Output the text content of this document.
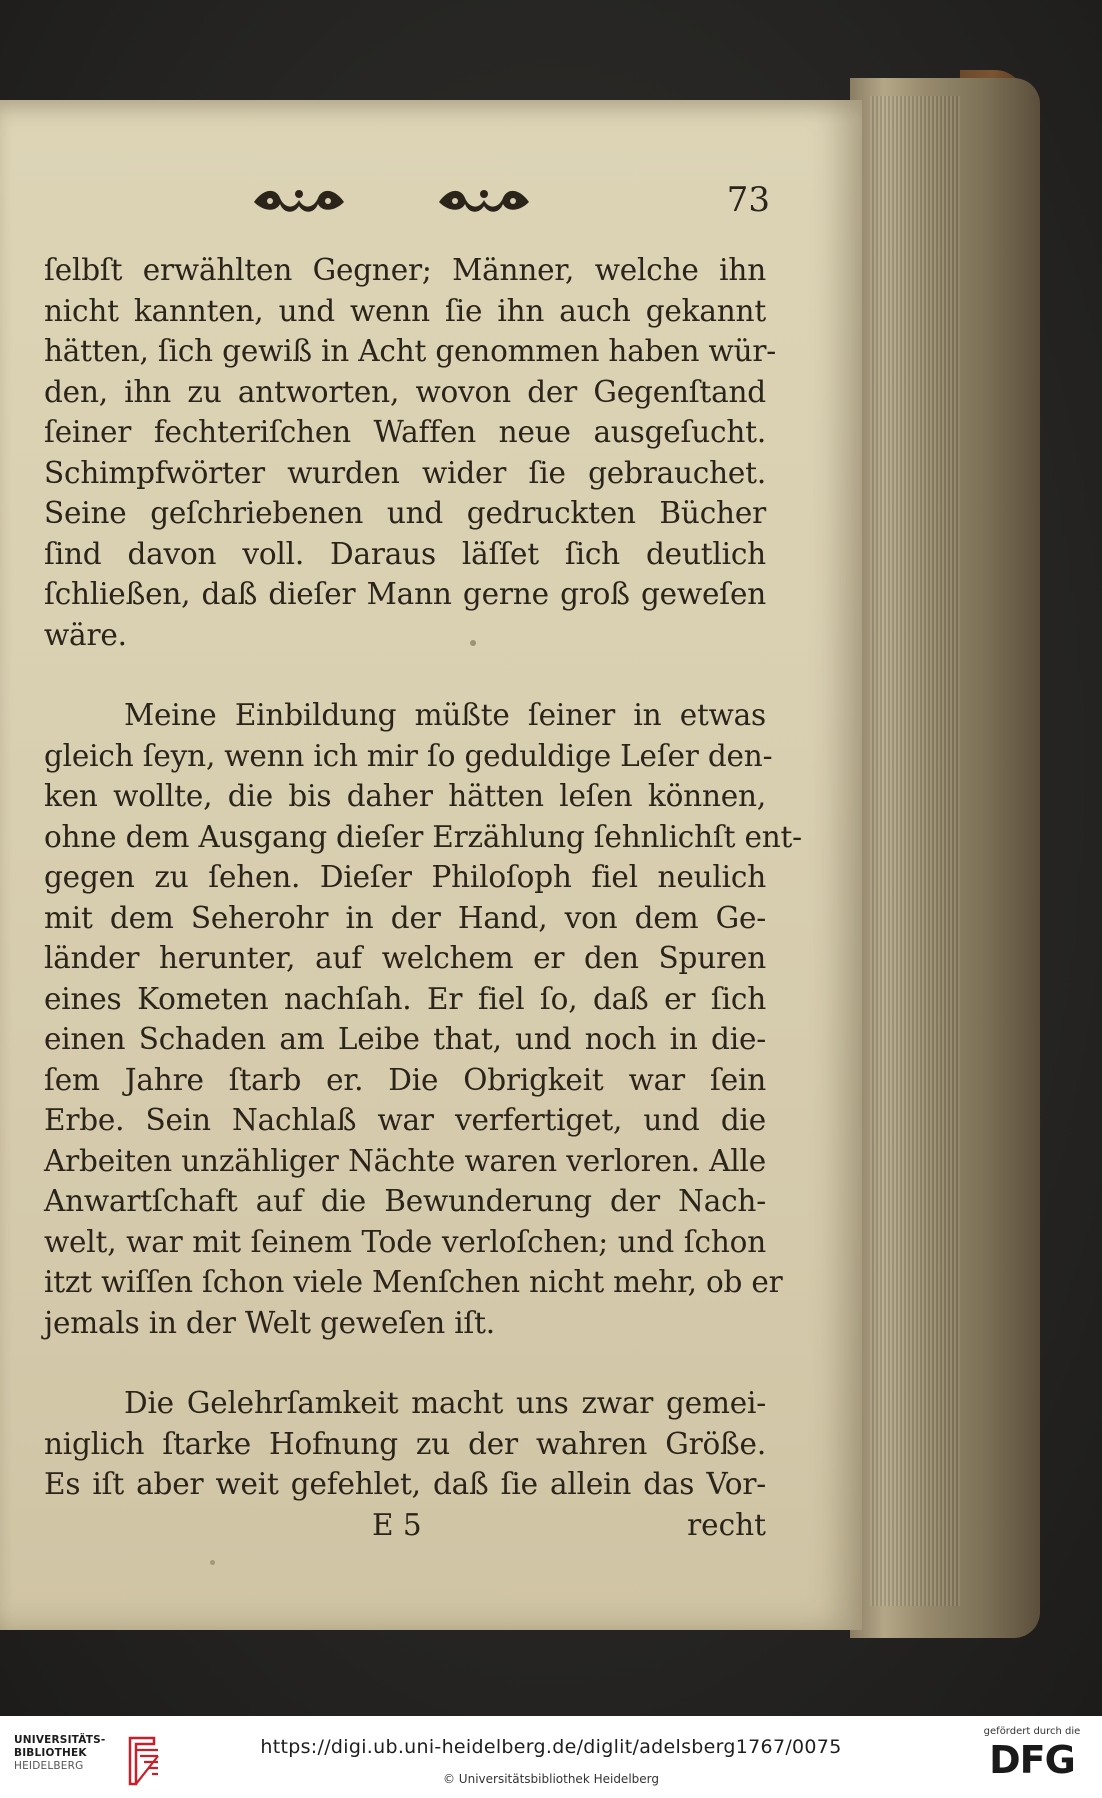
73
ſelbſt erwählten Gegner; Männer, welche ihn
nicht kannten, und wenn ſie ihn auch gekannt
hätten, ſich gewiß in Acht genommen haben wür-
den, ihn zu antworten, wovon der Gegenſtand
ſeiner fechteriſchen Waffen neue ausgeſucht.
Schimpfwörter wurden wider ſie gebrauchet.
Seine geſchriebenen und gedruckten Bücher
ſind davon voll. Daraus läſſet ſich deutlich
ſchließen, daß dieſer Mann gerne groß geweſen
wäre.
Meine Einbildung müßte ſeiner in etwas
gleich ſeyn, wenn ich mir ſo geduldige Leſer den-
ken wollte, die bis daher hätten leſen können,
ohne dem Ausgang dieſer Erzählung ſehnlichſt ent-
gegen zu ſehen. Dieſer Philoſoph fiel neulich
mit dem Seherohr in der Hand, von dem Ge-
länder herunter, auf welchem er den Spuren
eines Kometen nachſah. Er fiel ſo, daß er ſich
einen Schaden am Leibe that, und noch in die-
ſem Jahre ſtarb er. Die Obrigkeit war ſein
Erbe. Sein Nachlaß war verfertiget, und die
Arbeiten unzähliger Nächte waren verloren. Alle
Anwartſchaft auf die Bewunderung der Nach-
welt, war mit ſeinem Tode verloſchen; und ſchon
itzt wiſſen ſchon viele Menſchen nicht mehr, ob er
jemals in der Welt geweſen iſt.
Die Gelehrſamkeit macht uns zwar gemei-
niglich ſtarke Hofnung zu der wahren Größe.
Es iſt aber weit gefehlet, daß ſie allein das Vor-
E 5	recht
UNIVERSITÄTS-
BIBLIOTHEK
HEIDELBERG
https://digi.ub.uni-heidelberg.de/diglit/adelsberg1767/0075
© Universitätsbibliothek Heidelberg
gefördert durch die
DFG
